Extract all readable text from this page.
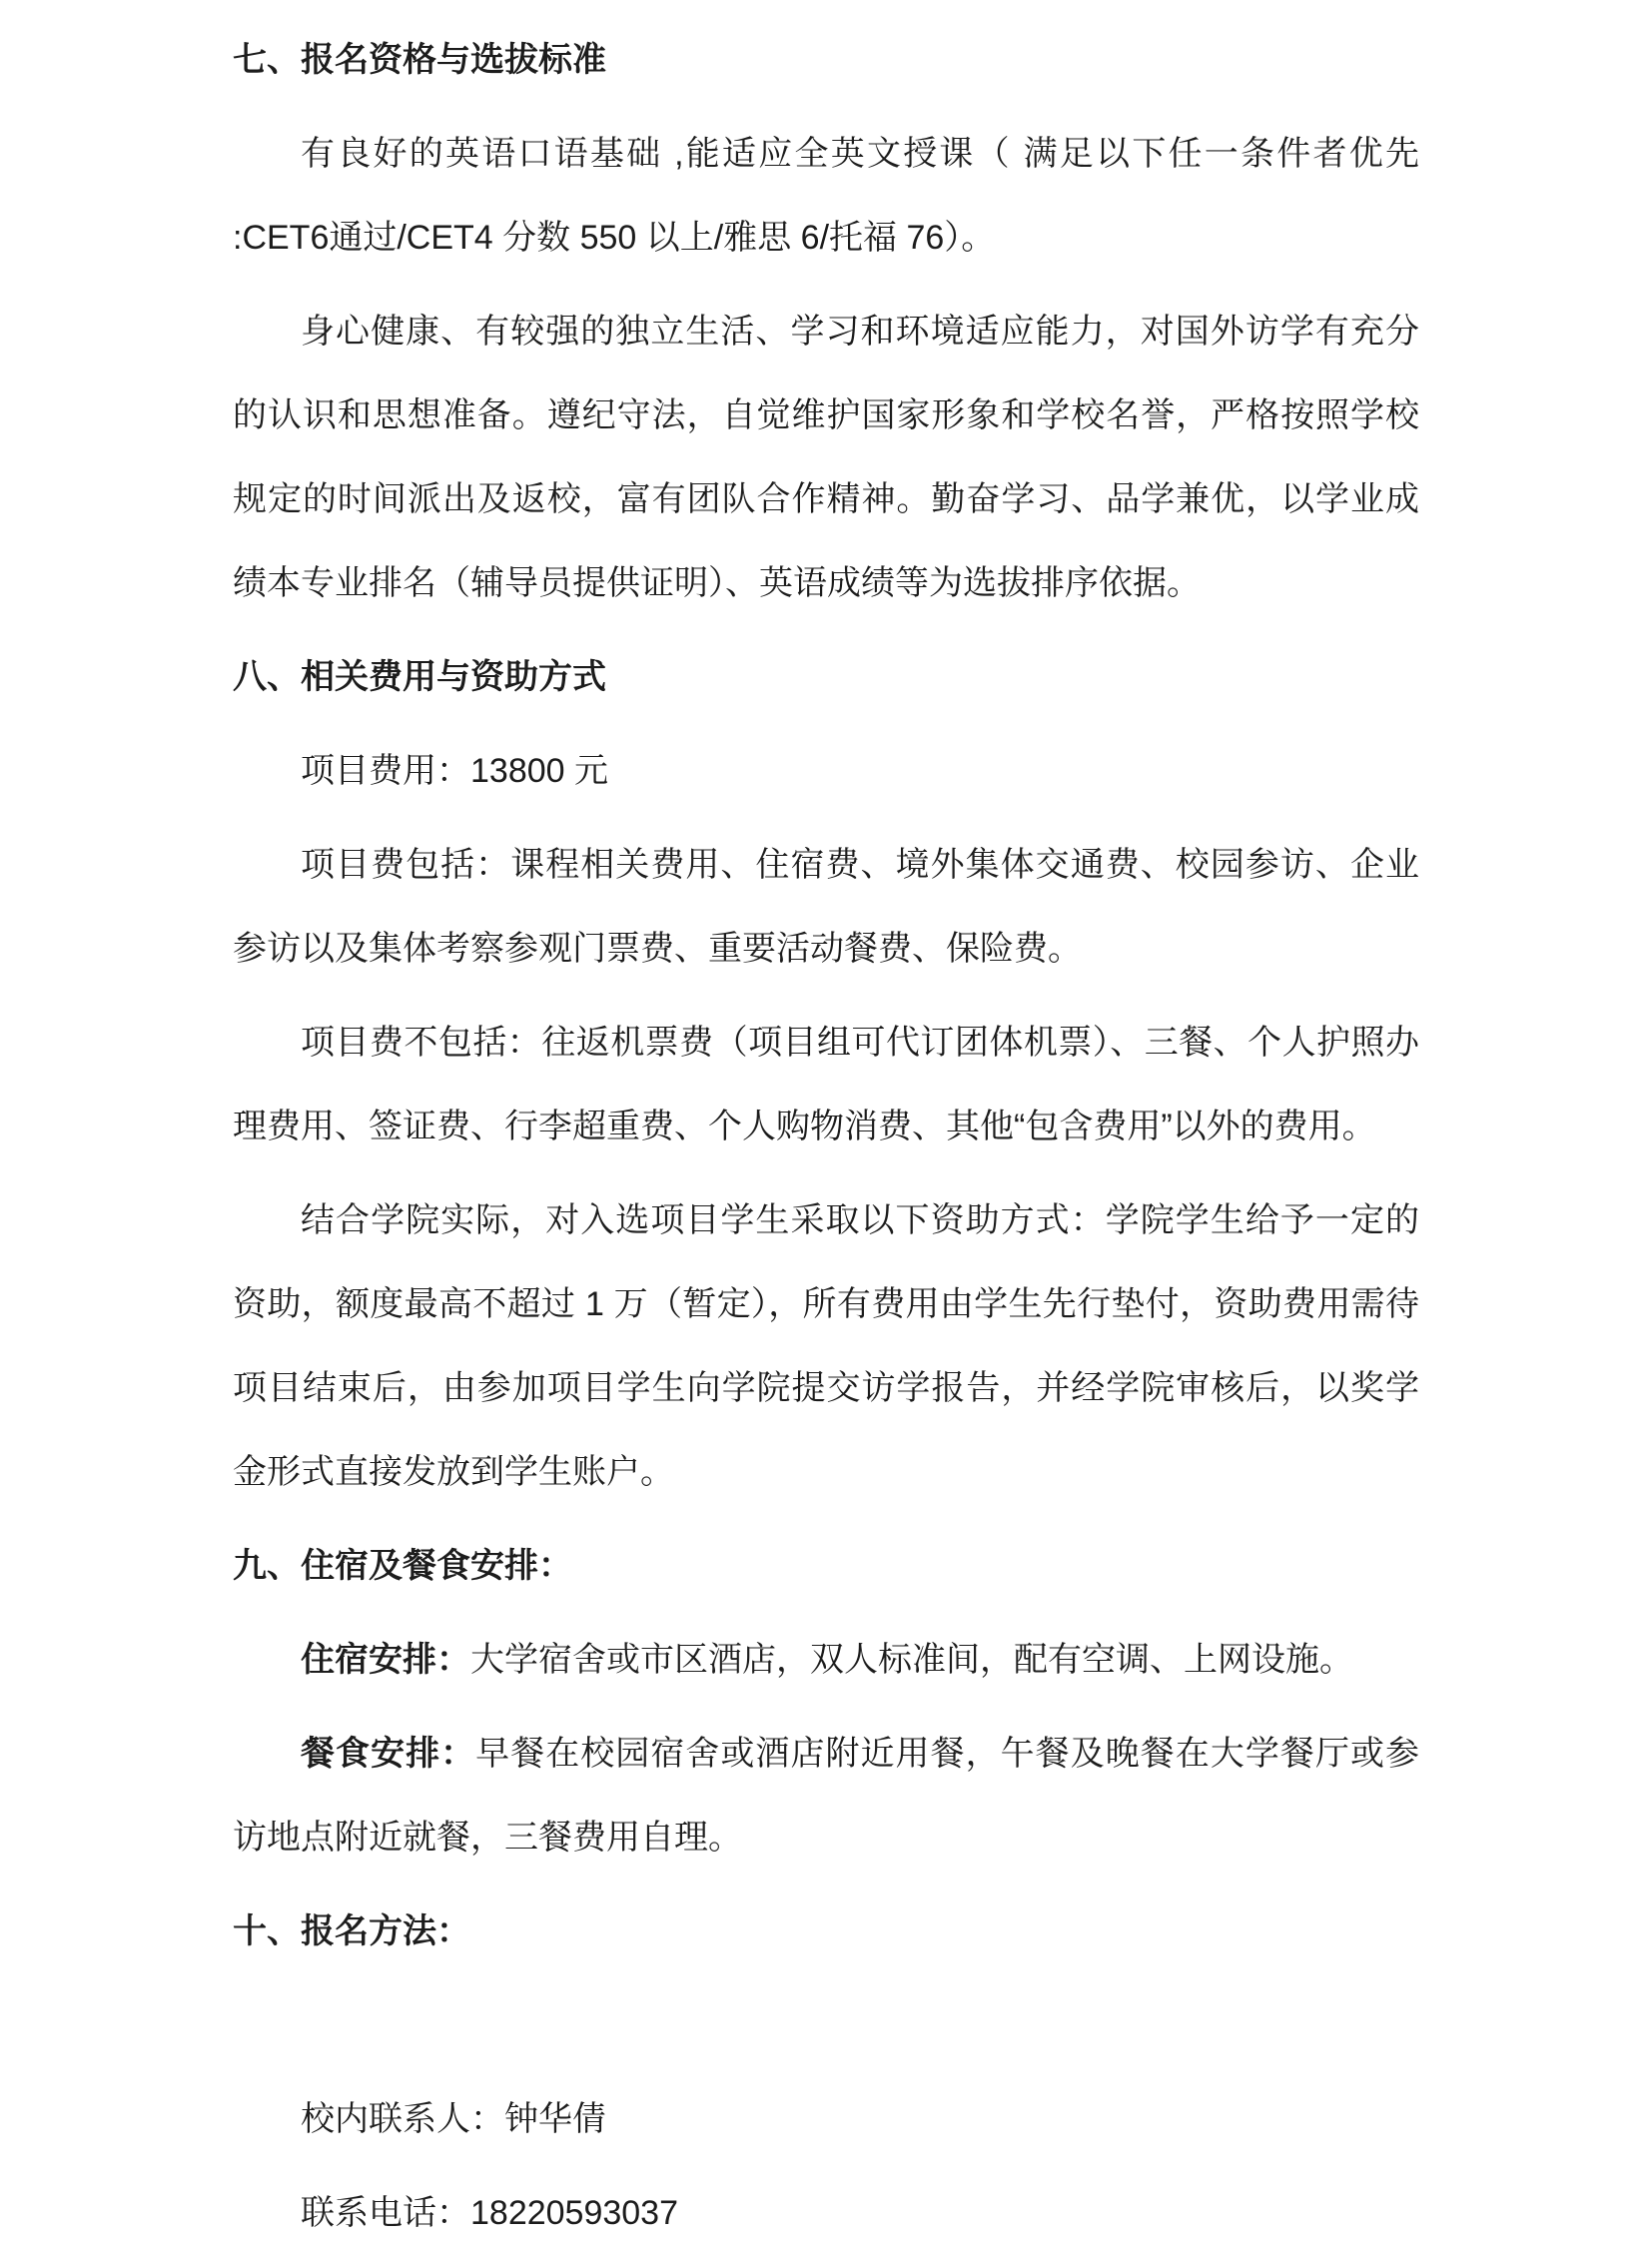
七、报名资格与选拔标准

有良好的英语口语基础 ,能适应全英文授课（ 满足以下任一条件者优先 :CET6通过/CET4 分数 550 以上/雅思 6/托福 76）。

身心健康、有较强的独立生活、学习和环境适应能力，对国外访学有充分的认识和思想准备。遵纪守法，自觉维护国家形象和学校名誉，严格按照学校规定的时间派出及返校，富有团队合作精神。勤奋学习、品学兼优，以学业成绩本专业排名（辅导员提供证明）、英语成绩等为选拔排序依据。

八、相关费用与资助方式

项目费用：13800 元

项目费包括：课程相关费用、住宿费、境外集体交通费、校园参访、企业参访以及集体考察参观门票费、重要活动餐费、保险费。

项目费不包括：往返机票费（项目组可代订团体机票）、三餐、个人护照办理费用、签证费、行李超重费、个人购物消费、其他“包含费用”以外的费用。

结合学院实际，对入选项目学生采取以下资助方式：学院学生给予一定的资助，额度最高不超过 1 万（暂定），所有费用由学生先行垫付，资助费用需待项目结束后，由参加项目学生向学院提交访学报告，并经学院审核后，以奖学金形式直接发放到学生账户。

九、住宿及餐食安排：

住宿安排：大学宿舍或市区酒店，双人标准间，配有空调、上网设施。

餐食安排：早餐在校园宿舍或酒店附近用餐，午餐及晚餐在大学餐厅或参访地点附近就餐，三餐费用自理。

十、报名方法：

校内联系人：钟华倩

联系电话：18220593037
